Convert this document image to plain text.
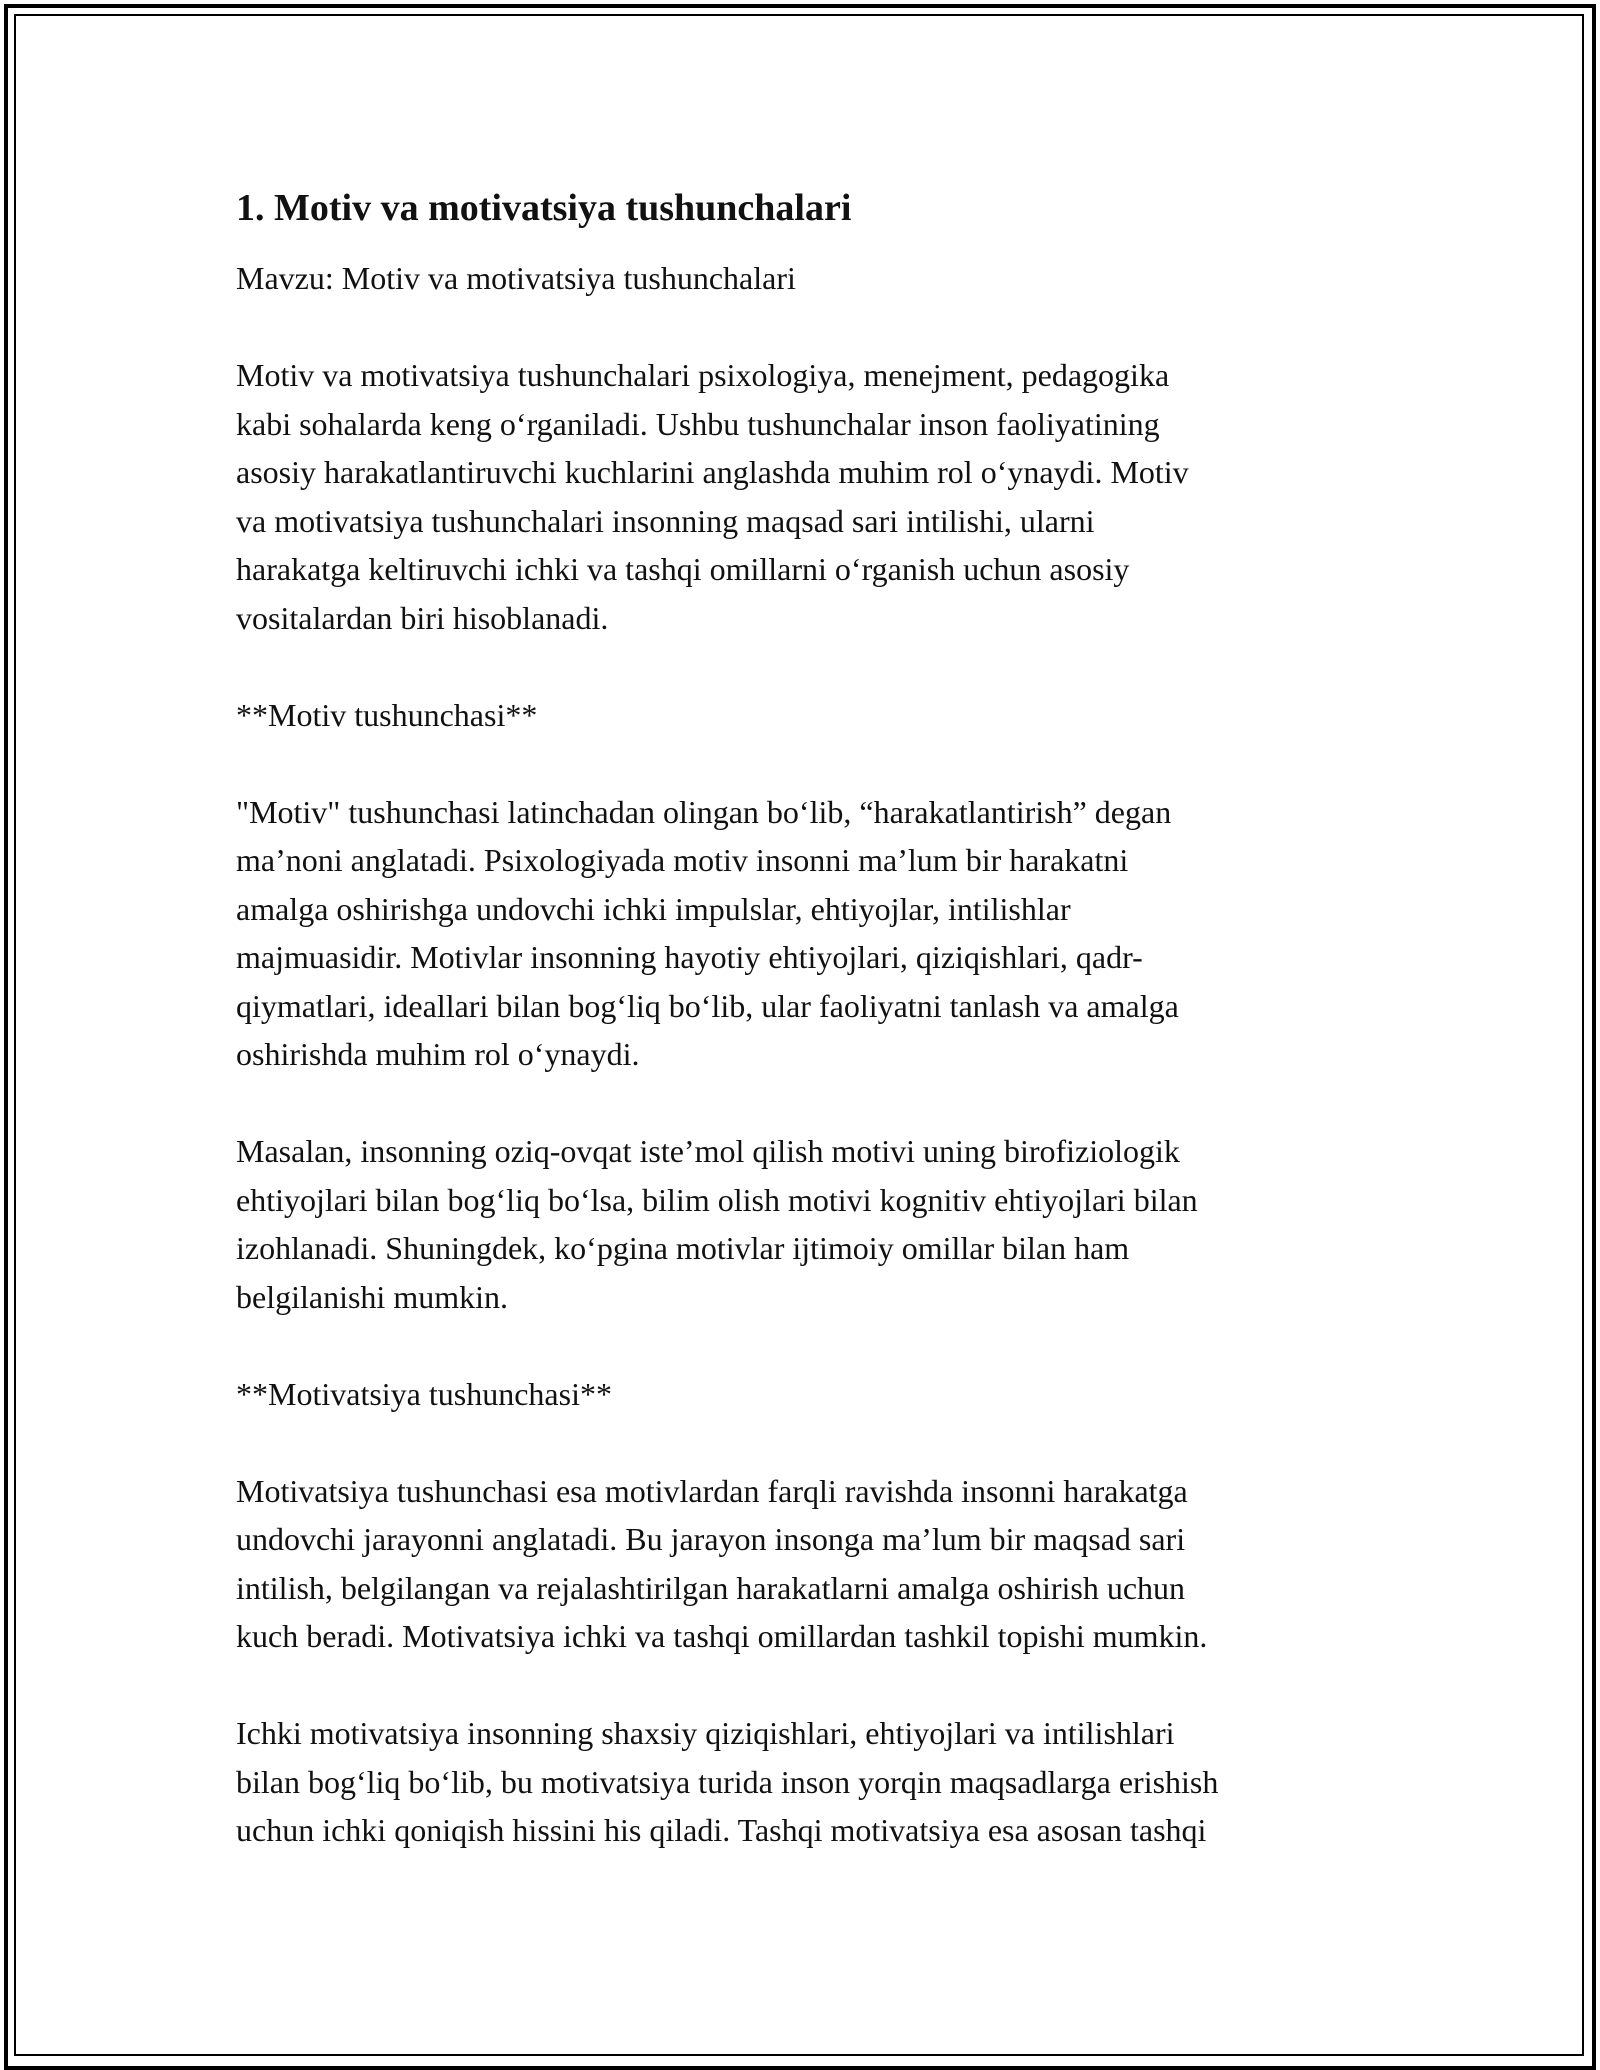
1. Motiv va motivatsiya tushunchalari

Mavzu: Motiv va motivatsiya tushunchalari

Motiv va motivatsiya tushunchalari psixologiya, menejment, pedagogika
kabi sohalarda keng o‘rganiladi. Ushbu tushunchalar inson faoliyatining
asosiy harakatlantiruvchi kuchlarini anglashda muhim rol o‘ynaydi. Motiv
va motivatsiya tushunchalari insonning maqsad sari intilishi, ularni
harakatga keltiruvchi ichki va tashqi omillarni o‘rganish uchun asosiy
vositalardan biri hisoblanadi.

**Motiv tushunchasi**

"Motiv" tushunchasi latinchadan olingan bo‘lib, “harakatlantirish” degan
ma’noni anglatadi. Psixologiyada motiv insonni ma’lum bir harakatni
amalga oshirishga undovchi ichki impulslar, ehtiyojlar, intilishlar
majmuasidir. Motivlar insonning hayotiy ehtiyojlari, qiziqishlari, qadr-
qiymatlari, ideallari bilan bog‘liq bo‘lib, ular faoliyatni tanlash va amalga
oshirishda muhim rol o‘ynaydi.

Masalan, insonning oziq-ovqat iste’mol qilish motivi uning birofiziologik
ehtiyojlari bilan bog‘liq bo‘lsa, bilim olish motivi kognitiv ehtiyojlari bilan
izohlanadi. Shuningdek, ko‘pgina motivlar ijtimoiy omillar bilan ham
belgilanishi mumkin.

**Motivatsiya tushunchasi**

Motivatsiya tushunchasi esa motivlardan farqli ravishda insonni harakatga
undovchi jarayonni anglatadi. Bu jarayon insonga ma’lum bir maqsad sari
intilish, belgilangan va rejalashtirilgan harakatlarni amalga oshirish uchun
kuch beradi. Motivatsiya ichki va tashqi omillardan tashkil topishi mumkin.

Ichki motivatsiya insonning shaxsiy qiziqishlari, ehtiyojlari va intilishlari
bilan bog‘liq bo‘lib, bu motivatsiya turida inson yorqin maqsadlarga erishish
uchun ichki qoniqish hissini his qiladi. Tashqi motivatsiya esa asosan tashqi
